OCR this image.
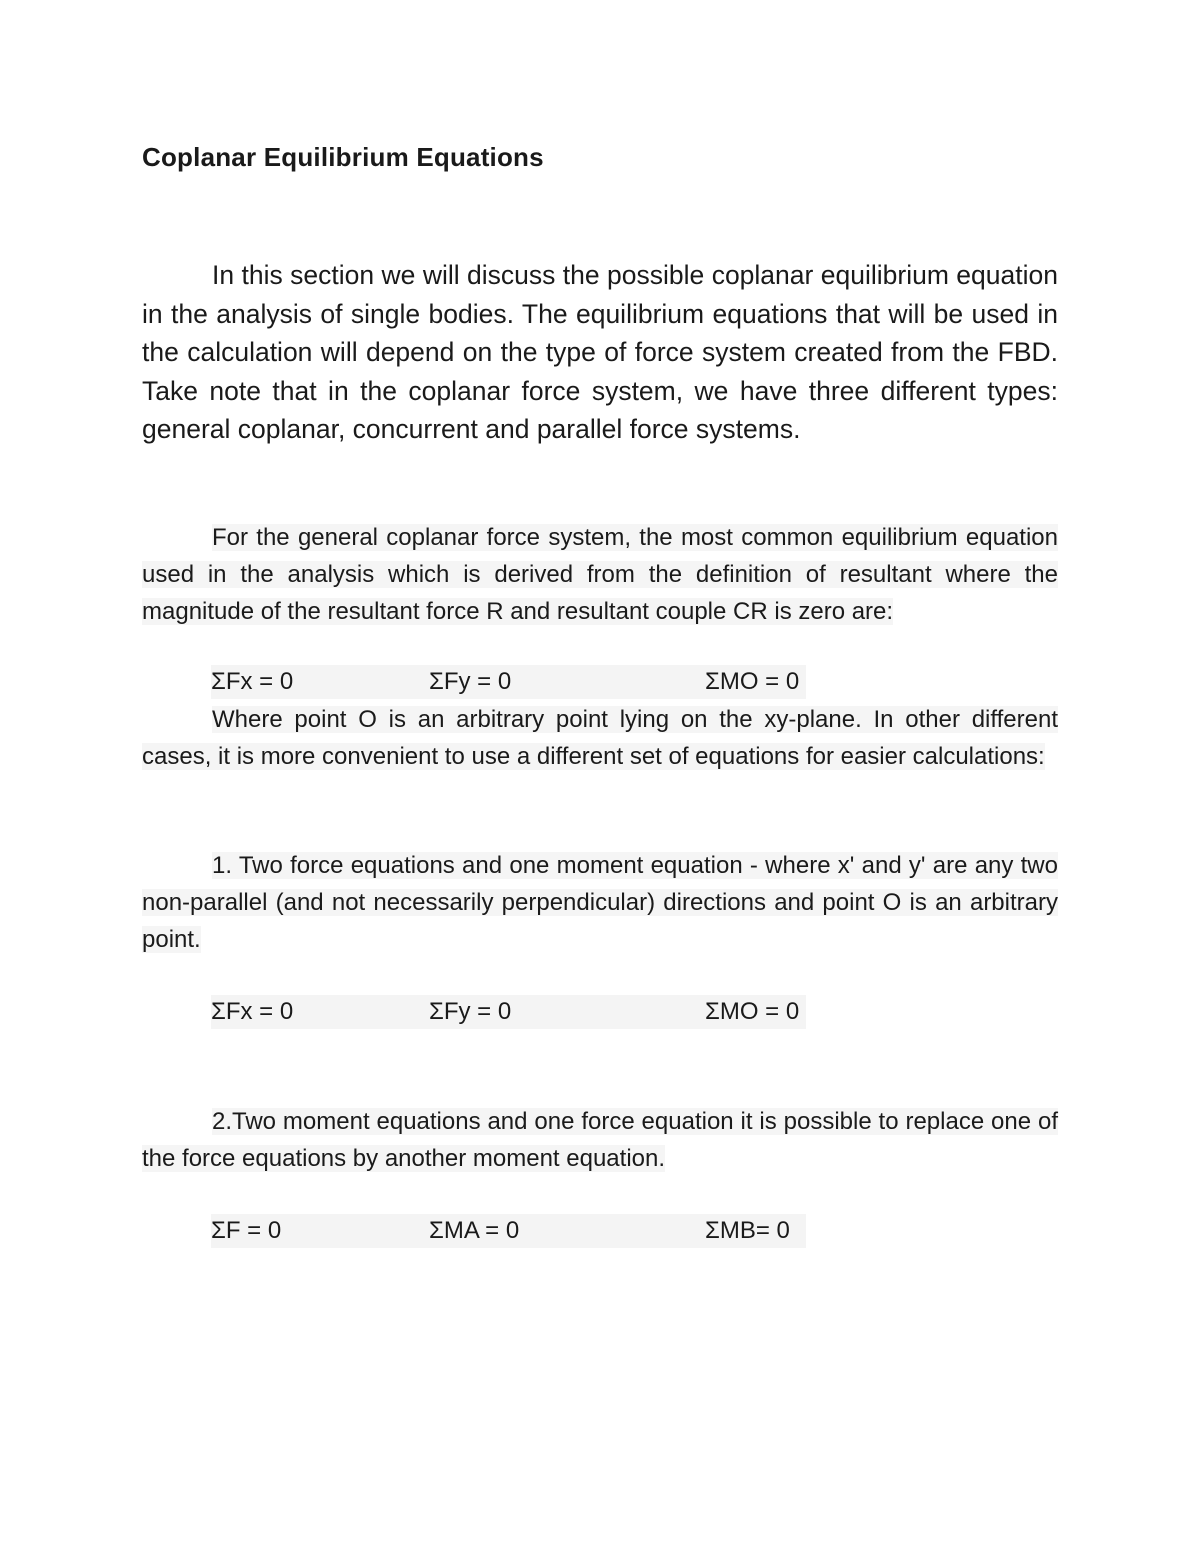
Coplanar Equilibrium Equations

In this section we will discuss the possible coplanar equilibrium equation in the analysis of single bodies. The equilibrium equations that will be used in the calculation will depend on the type of force system created from the FBD. Take note that in the coplanar force system, we have three different types: general coplanar, concurrent and parallel force systems.

For the general coplanar force system, the most common equilibrium equation used in the analysis which is derived from the definition of resultant where the magnitude of the resultant force R and resultant couple CR is zero are:

ΣFx = 0	ΣFy = 0	ΣMO = 0

Where point O is an arbitrary point lying on the xy-plane. In other different cases, it is more convenient to use a different set of equations for easier calculations:

1. Two force equations and one moment equation - where x' and y' are any two non-parallel (and not necessarily perpendicular) directions and point O is an arbitrary point.

ΣFx = 0	ΣFy = 0	ΣMO = 0

2.Two moment equations and one force equation it is possible to replace one of the force equations by another moment equation.

ΣF = 0	ΣMA = 0	ΣMB= 0
